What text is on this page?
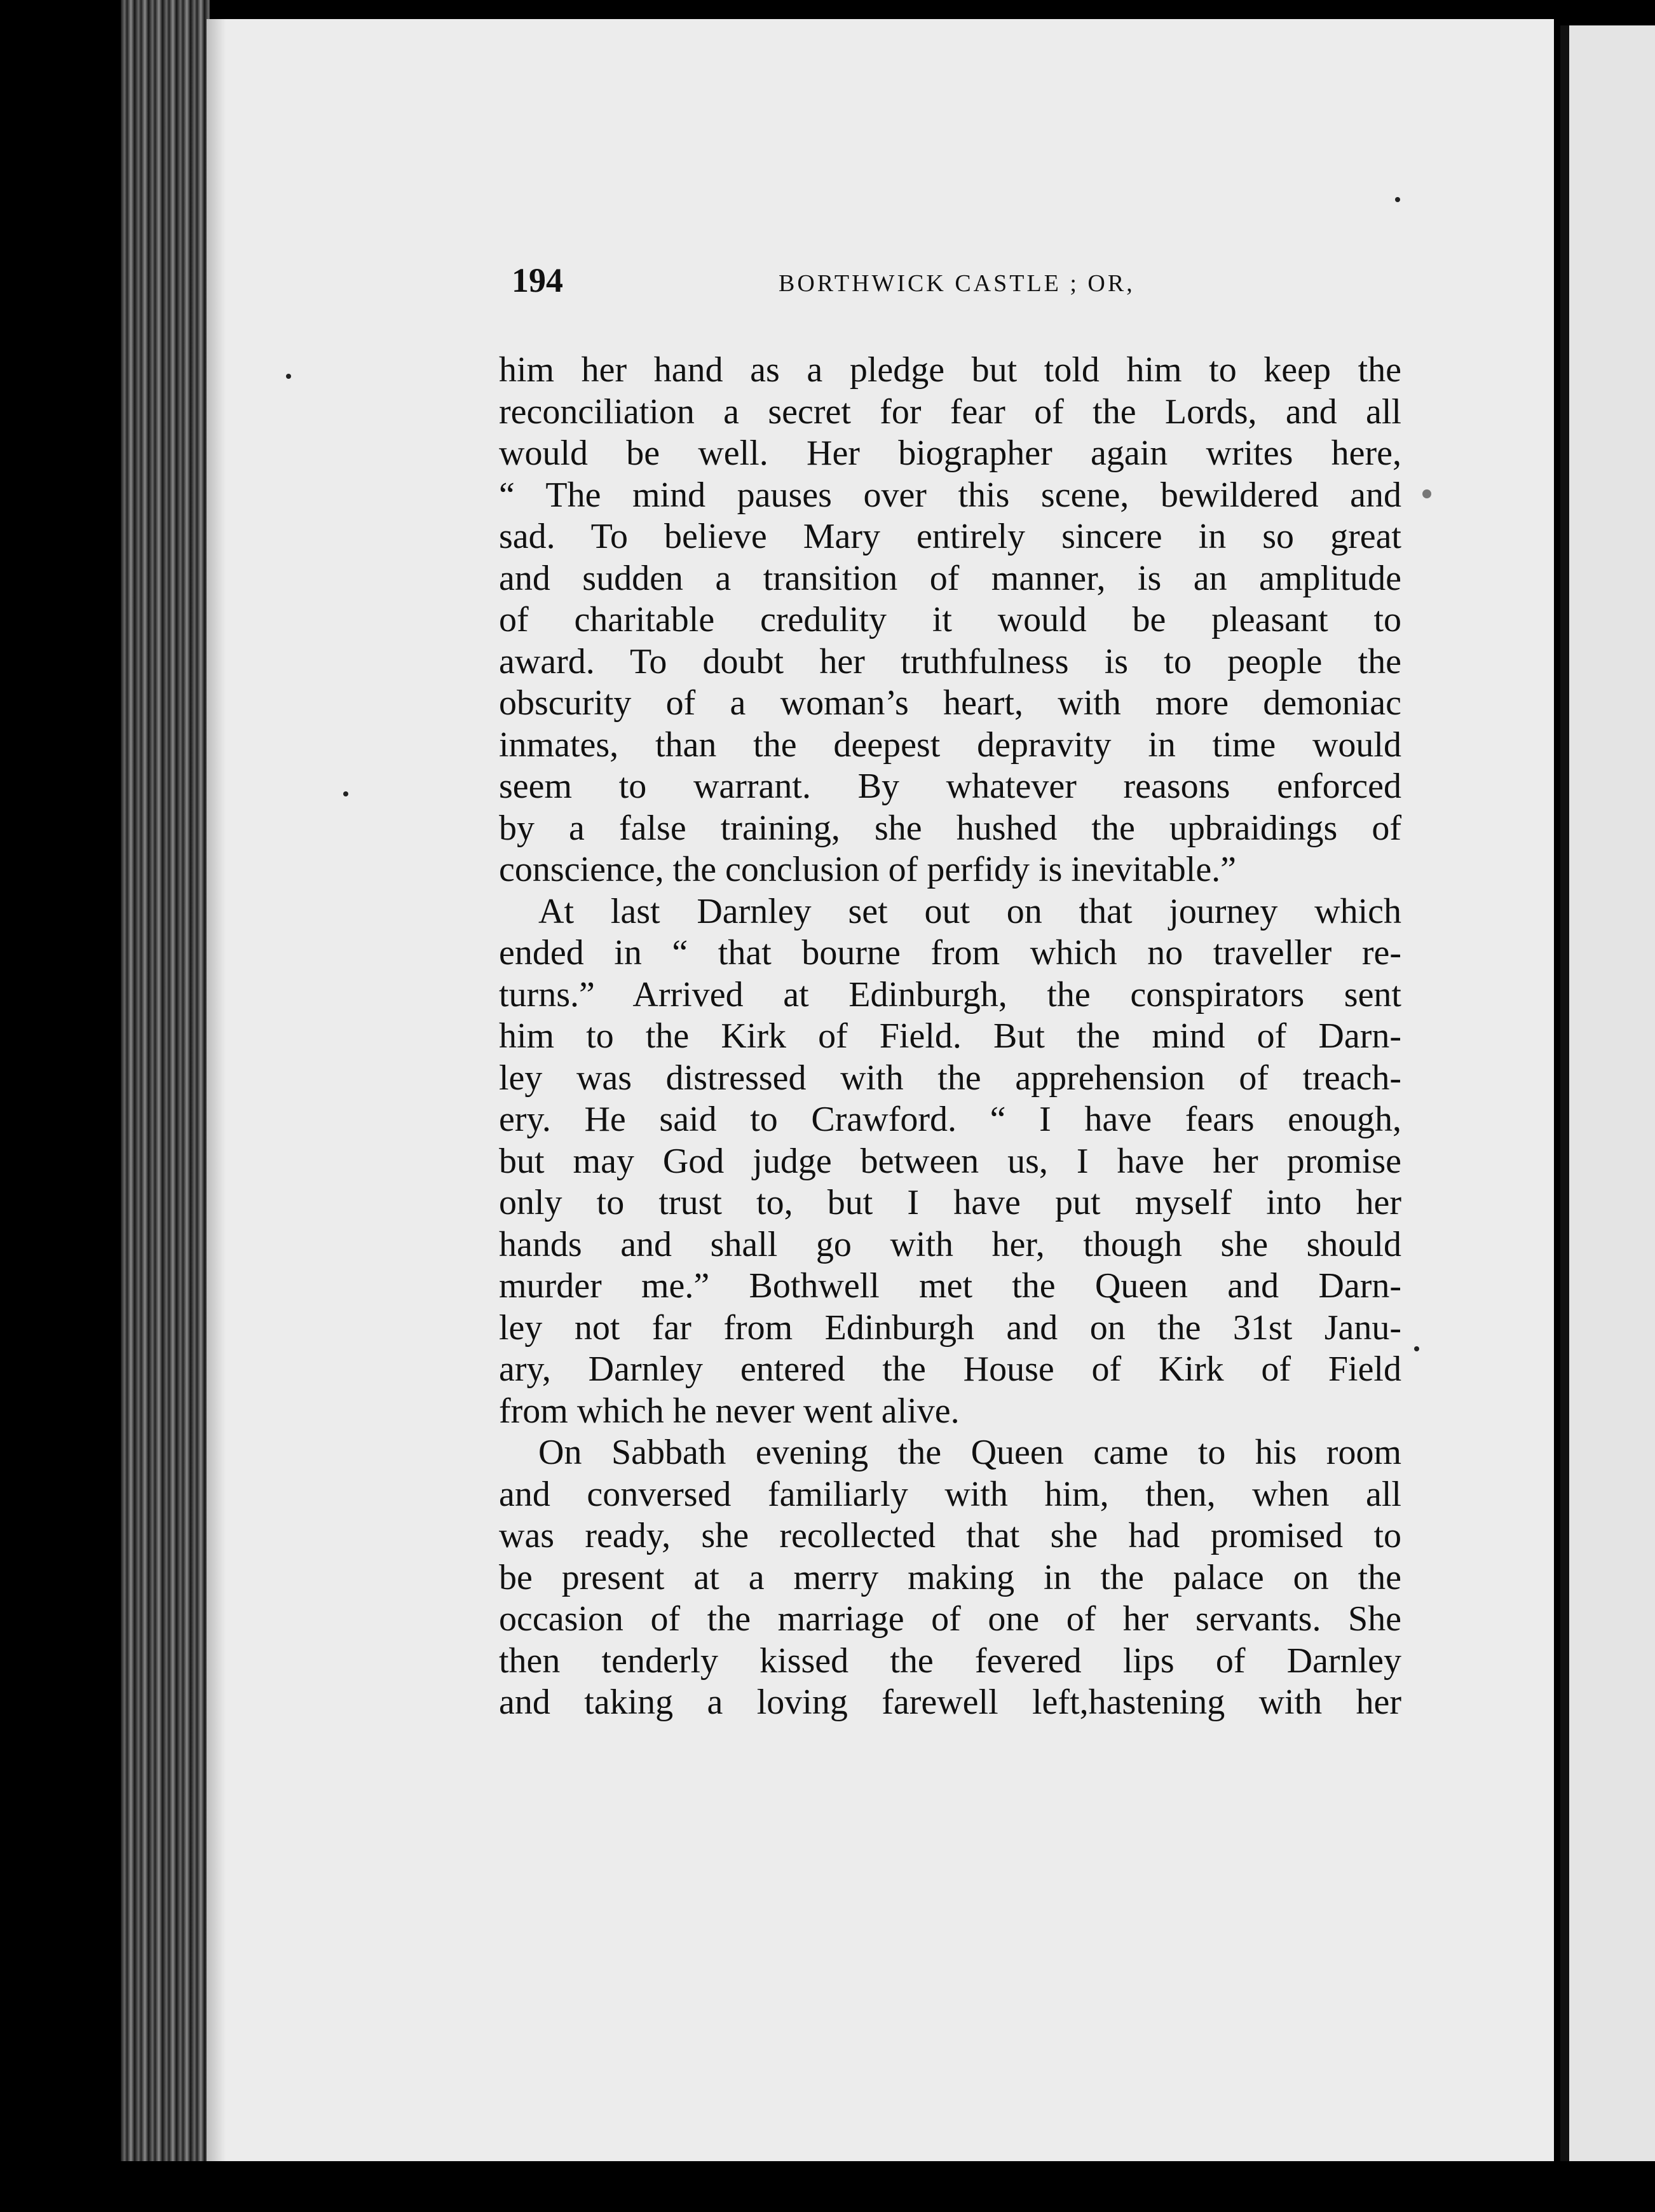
194	BORTHWICK CASTLE ; OR,
him her hand as a pledge but told him to keep the
reconciliation a secret for fear of the Lords, and all
would be well. Her biographer again writes here,
“ The mind pauses over this scene, bewildered and
sad. To believe Mary entirely sincere in so great
and sudden a transition of manner, is an amplitude
of charitable credulity it would be pleasant to
award. To doubt her truthfulness is to people the
obscurity of a woman’s heart, with more demoniac
inmates, than the deepest depravity in time would
seem to warrant. By whatever reasons enforced
by a false training, she hushed the upbraidings of
conscience, the conclusion of perfidy is inevitable.”
At last Darnley set out on that journey which
ended in “ that bourne from which no traveller re-
turns.” Arrived at Edinburgh, the conspirators sent
him to the Kirk of Field. But the mind of Darn-
ley was distressed with the apprehension of treach-
ery. He said to Crawford. “ I have fears enough,
but may God judge between us, I have her promise
only to trust to, but I have put myself into her
hands and shall go with her, though she should
murder me.” Bothwell met the Queen and Darn-
ley not far from Edinburgh and on the 31st Janu-
ary, Darnley entered the House of Kirk of Field
from which he never went alive.
On Sabbath evening the Queen came to his room
and conversed familiarly with him, then, when all
was ready, she recollected that she had promised to
be present at a merry making in the palace on the
occasion of the marriage of one of her servants. She
then tenderly kissed the fevered lips of Darnley
and taking a loving farewell left,hastening with her
